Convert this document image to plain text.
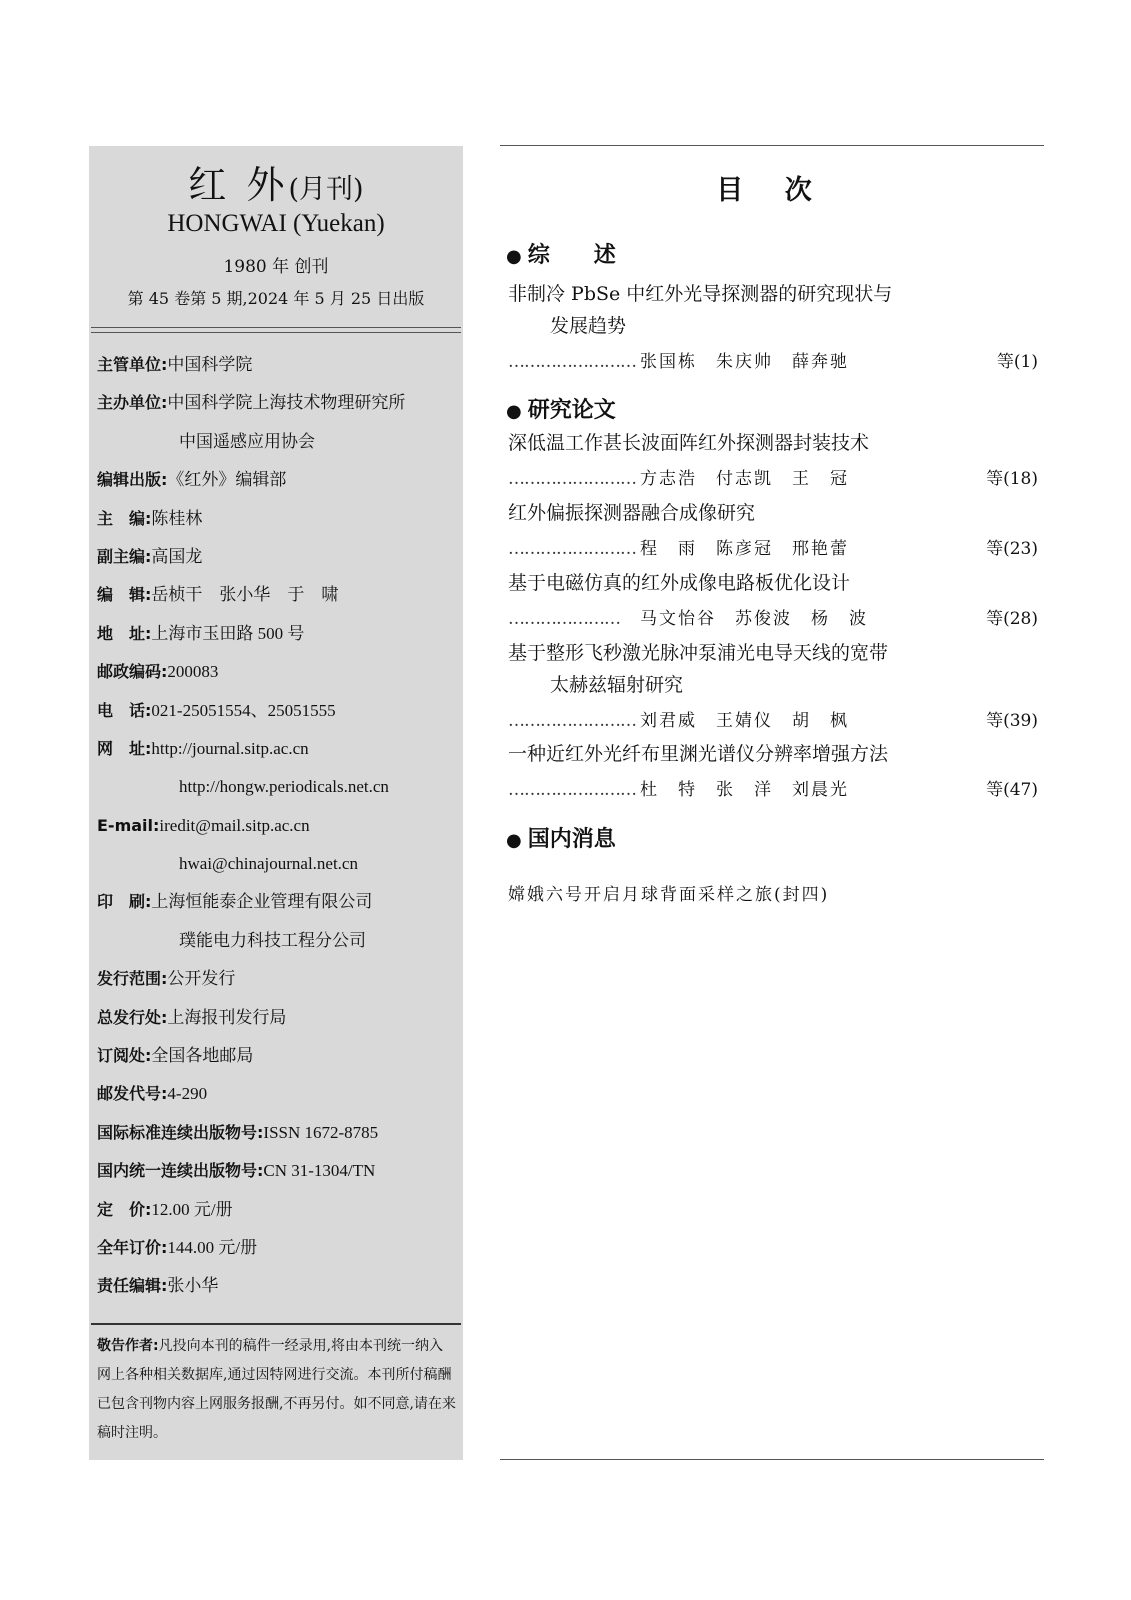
红 外(月刊)
HONGWAI (Yuekan)
1980 年 创刊
第 45 卷第 5 期,2024 年 5 月 25 日出版
主管单位:中国科学院
主办单位:中国科学院上海技术物理研究所
中国遥感应用协会
编辑出版:《红外》编辑部
主　编:陈桂林
副主编:高国龙
编　辑:岳桢干　张小华　于　啸
地　址:上海市玉田路 500 号
邮政编码:200083
电　话:021-25051554、25051555
网　址:http://journal.sitp.ac.cn
http://hongw.periodicals.net.cn
E-mail:iredit@mail.sitp.ac.cn
hwai@chinajournal.net.cn
印　刷:上海恒能泰企业管理有限公司
璞能电力科技工程分公司
发行范围:公开发行
总发行处:上海报刊发行局
订阅处:全国各地邮局
邮发代号:4-290
国际标准连续出版物号:ISSN 1672-8785
国内统一连续出版物号:CN 31-1304/TN
定　价:12.00 元/册
全年订价:144.00 元/册
责任编辑:张小华
敬告作者:凡投向本刊的稿件一经录用,将由本刊统一纳入网上各种相关数据库,通过因特网进行交流。本刊所付稿酬已包含刊物内容上网服务报酬,不再另付。如不同意,请在来稿时注明。
目 次
● 综　　述
● 研究论文
● 国内消息
非制冷 PbSe 中红外光导探测器的研究现状与
发展趋势
…………………… 张国栋　朱庆帅　薛奔驰	等(1)
深低温工作甚长波面阵红外探测器封装技术
…………………… 方志浩　付志凯　王　冠	等(18)
红外偏振探测器融合成像研究
…………………… 程　雨　陈彦冠　邢艳蕾	等(23)
基于电磁仿真的红外成像电路板优化设计
………………… 马文怡谷　苏俊波　杨　波	等(28)
基于整形飞秒激光脉冲泵浦光电导天线的宽带
太赫兹辐射研究
…………………… 刘君威　王婧仪　胡　枫	等(39)
一种近红外光纤布里渊光谱仪分辨率增强方法
…………………… 杜　特　张　洋　刘晨光	等(47)
嫦娥六号开启月球背面采样之旅(封四)
